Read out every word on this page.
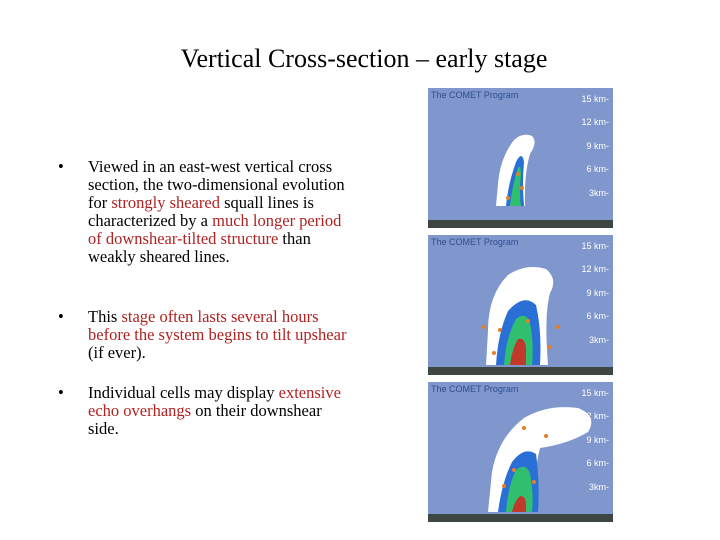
Vertical Cross-section – early stage
• Viewed in an east-west vertical cross section, the two-dimensional evolution for strongly sheared squall lines is characterized by a much longer period of downshear-tilted structure than weakly sheared lines.
• This stage often lasts several hours before the system begins to tilt upshear (if ever).
• Individual cells may display extensive echo overhangs on their downshear side.
The COMET Program	15 km-
12 km-
9 km-
6 km-
3km-
The COMET Program	15 km-
12 km-
9 km-
6 km-
3km-
The COMET Program	15 km-
12 km-
9 km-
6 km-
3km-
